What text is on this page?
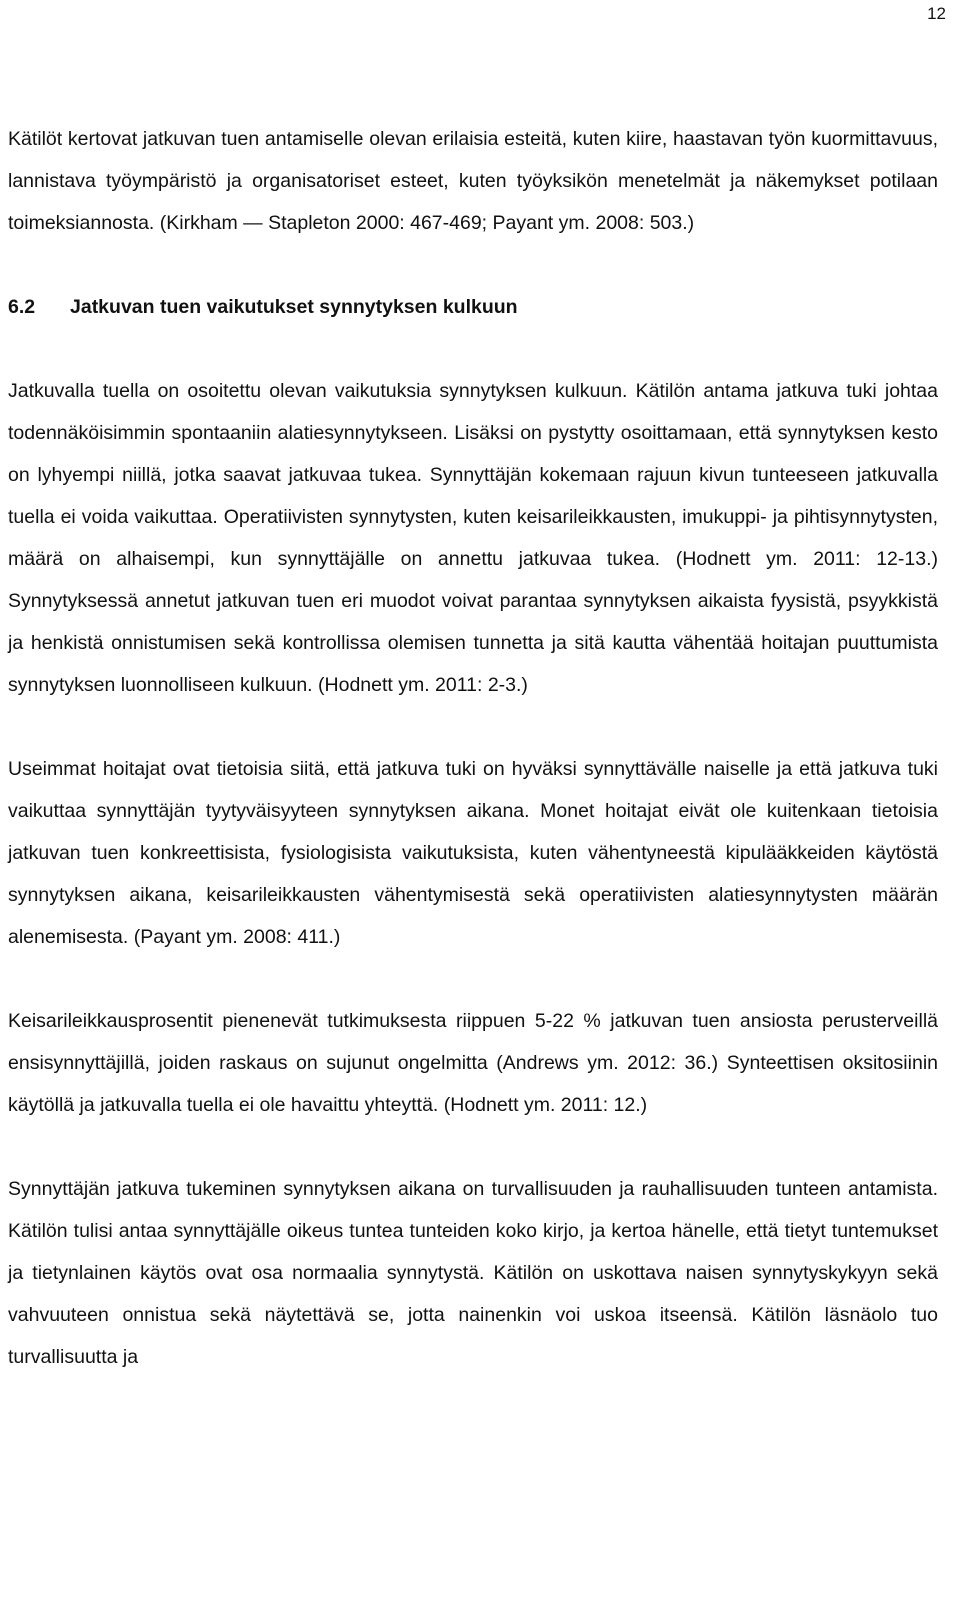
12

Kätilöt kertovat jatkuvan tuen antamiselle olevan erilaisia esteitä, kuten kiire, haastavan työn kuormittavuus, lannistava työympäristö ja organisatoriset esteet, kuten työyksikön menetelmät ja näkemykset potilaan toimeksiannosta. (Kirkham ― Stapleton 2000: 467-469; Payant ym. 2008: 503.)

6.2 Jatkuvan tuen vaikutukset synnytyksen kulkuun

Jatkuvalla tuella on osoitettu olevan vaikutuksia synnytyksen kulkuun. Kätilön antama jatkuva tuki johtaa todennäköisimmin spontaaniin alatiesynnytykseen. Lisäksi on pystytty osoittamaan, että synnytyksen kesto on lyhyempi niillä, jotka saavat jatkuvaa tukea. Synnyttäjän kokemaan rajuun kivun tunteeseen jatkuvalla tuella ei voida vaikuttaa. Operatiivisten synnytysten, kuten keisarileikkausten, imukuppi- ja pihtisynnytysten, määrä on alhaisempi, kun synnyttäjälle on annettu jatkuvaa tukea. (Hodnett ym. 2011: 12-13.) Synnytyksessä annetut jatkuvan tuen eri muodot voivat parantaa synnytyksen aikaista fyysistä, psyykkistä ja henkistä onnistumisen sekä kontrollissa olemisen tunnetta ja sitä kautta vähentää hoitajan puuttumista synnytyksen luonnolliseen kulkuun. (Hodnett ym. 2011: 2-3.)

Useimmat hoitajat ovat tietoisia siitä, että jatkuva tuki on hyväksi synnyttävälle naiselle ja että jatkuva tuki vaikuttaa synnyttäjän tyytyväisyyteen synnytyksen aikana. Monet hoitajat eivät ole kuitenkaan tietoisia jatkuvan tuen konkreettisista, fysiologisista vaikutuksista, kuten vähentyneestä kipulääkkeiden käytöstä synnytyksen aikana, keisarileikkausten vähentymisestä sekä operatiivisten alatiesynnytysten määrän alenemisesta. (Payant ym. 2008: 411.)

Keisarileikkausprosentit pienenevät tutkimuksesta riippuen 5-22 % jatkuvan tuen ansiosta perusterveillä ensisynnyttäjillä, joiden raskaus on sujunut ongelmitta (Andrews ym. 2012: 36.) Synteettisen oksitosiinin käytöllä ja jatkuvalla tuella ei ole havaittu yhteyttä. (Hodnett ym. 2011: 12.)

Synnyttäjän jatkuva tukeminen synnytyksen aikana on turvallisuuden ja rauhallisuuden tunteen antamista. Kätilön tulisi antaa synnyttäjälle oikeus tuntea tunteiden koko kirjo, ja kertoa hänelle, että tietyt tuntemukset ja tietynlainen käytös ovat osa normaalia synnytystä. Kätilön on uskottava naisen synnytyskykyyn sekä vahvuuteen onnistua sekä näytettävä se, jotta nainenkin voi uskoa itseensä. Kätilön läsnäolo tuo turvallisuutta ja
